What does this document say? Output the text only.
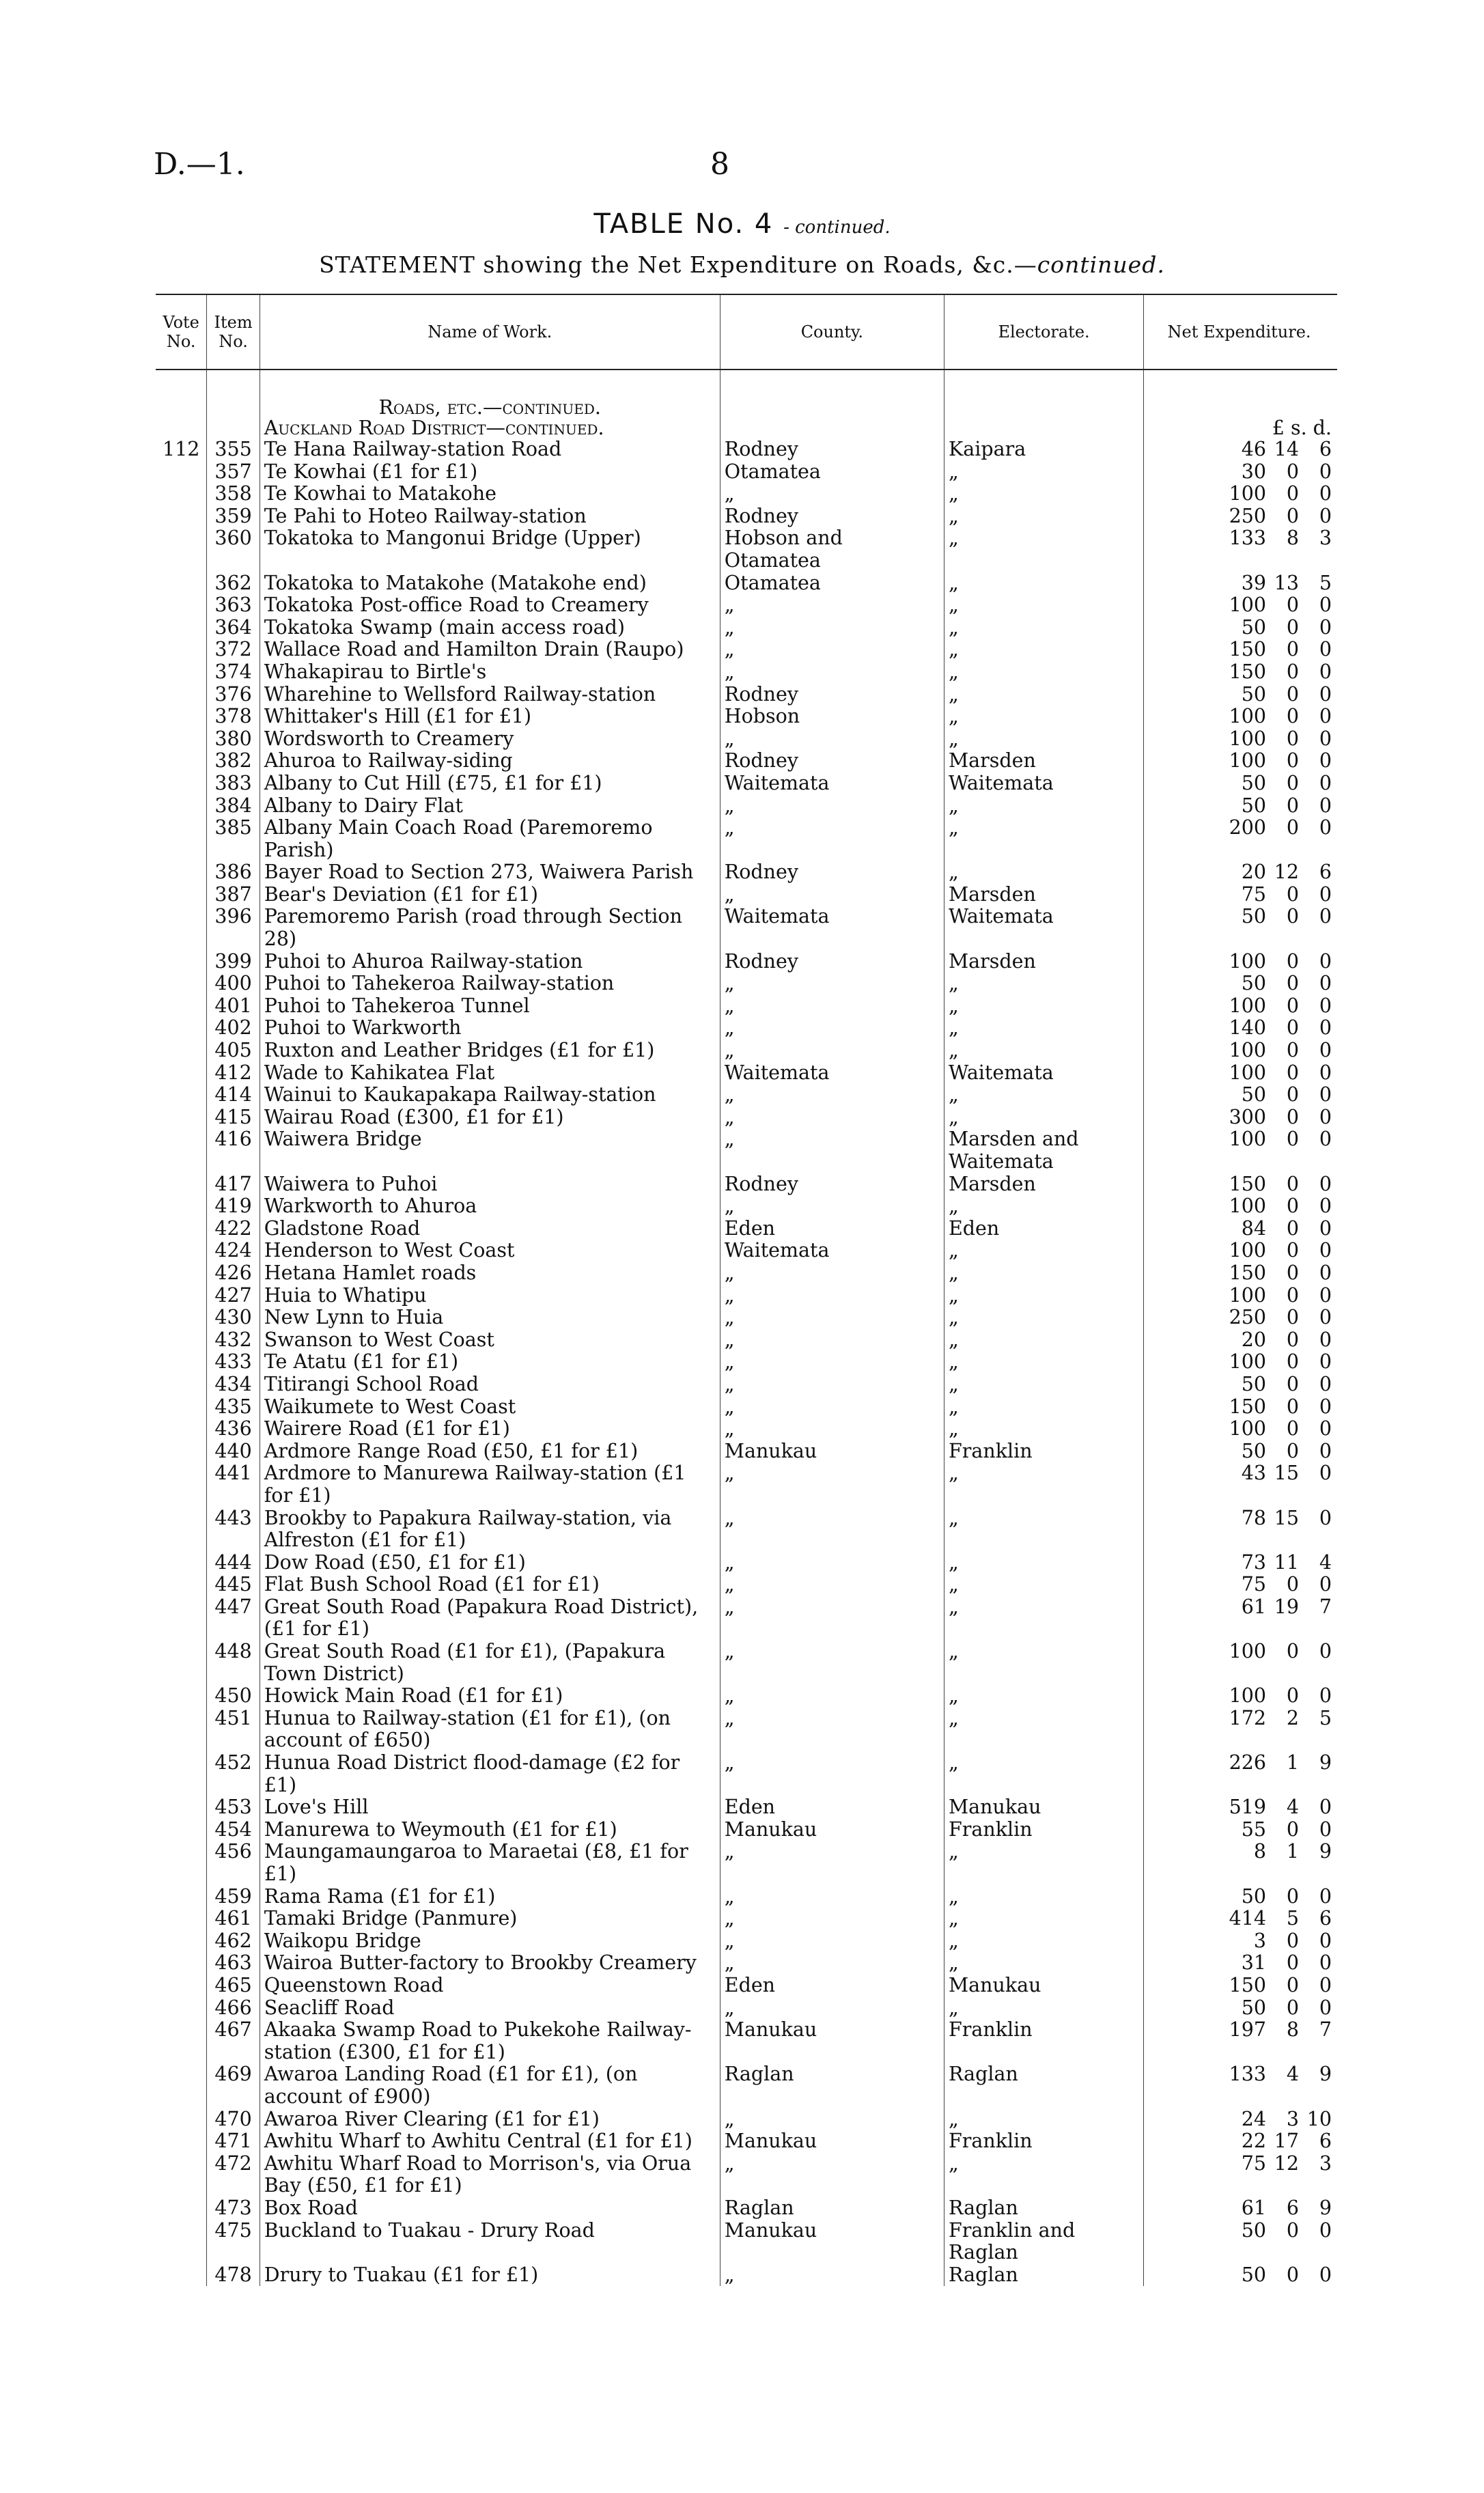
D.—1.	8
TABLE No. 4 - continued.
STATEMENT showing the Net Expenditure on Roads, &c.—continued.
Vote No.	Item No.	Name of Work.	County.	Electorate.	Net Expenditure.

		Roads, etc.—continued.
Auckland Road District—continued.			£ s. d.
112	355	Te Hana Railway-station Road	Rodney	Kaipara	46 14 6
	357	Te Kowhai (£1 for £1)	Otamatea	„	30 0 0
	358	Te Kowhai to Matakohe	„	„	100 0 0
	359	Te Pahi to Hoteo Railway-station	Rodney	„	250 0 0
	360	Tokatoka to Mangonui Bridge (Upper)	Hobson and Otamatea	„	133 8 3
	362	Tokatoka to Matakohe (Matakohe end)	Otamatea	„	39 13 5
	363	Tokatoka Post-office Road to Creamery	„	„	100 0 0
	364	Tokatoka Swamp (main access road)	„	„	50 0 0
	372	Wallace Road and Hamilton Drain (Raupo)	„	„	150 0 0
	374	Whakapirau to Birtle's	„	„	150 0 0
	376	Wharehine to Wellsford Railway-station	Rodney	„	50 0 0
	378	Whittaker's Hill (£1 for £1)	Hobson	„	100 0 0
	380	Wordsworth to Creamery	„	„	100 0 0
	382	Ahuroa to Railway-siding	Rodney	Marsden	100 0 0
	383	Albany to Cut Hill (£75, £1 for £1)	Waitemata	Waitemata	50 0 0
	384	Albany to Dairy Flat	„	„	50 0 0
	385	Albany Main Coach Road (Paremoremo Parish)	„	„	200 0 0
	386	Bayer Road to Section 273, Waiwera Parish	Rodney	„	20 12 6
	387	Bear's Deviation (£1 for £1)	„	Marsden	75 0 0
	396	Paremoremo Parish (road through Section 28)	Waitemata	Waitemata	50 0 0
	399	Puhoi to Ahuroa Railway-station	Rodney	Marsden	100 0 0
	400	Puhoi to Tahekeroa Railway-station	„	„	50 0 0
	401	Puhoi to Tahekeroa Tunnel	„	„	100 0 0
	402	Puhoi to Warkworth	„	„	140 0 0
	405	Ruxton and Leather Bridges (£1 for £1)	„	„	100 0 0
	412	Wade to Kahikatea Flat	Waitemata	Waitemata	100 0 0
	414	Wainui to Kaukapakapa Railway-station	„	„	50 0 0
	415	Wairau Road (£300, £1 for £1)	„	„	300 0 0
	416	Waiwera Bridge	„	Marsden and Waitemata	100 0 0
	417	Waiwera to Puhoi	Rodney	Marsden	150 0 0
	419	Warkworth to Ahuroa	„	„	100 0 0
	422	Gladstone Road	Eden	Eden	84 0 0
	424	Henderson to West Coast	Waitemata	„	100 0 0
	426	Hetana Hamlet roads	„	„	150 0 0
	427	Huia to Whatipu	„	„	100 0 0
	430	New Lynn to Huia	„	„	250 0 0
	432	Swanson to West Coast	„	„	20 0 0
	433	Te Atatu (£1 for £1)	„	„	100 0 0
	434	Titirangi School Road	„	„	50 0 0
	435	Waikumete to West Coast	„	„	150 0 0
	436	Wairere Road (£1 for £1)	„	„	100 0 0
	440	Ardmore Range Road (£50, £1 for £1)	Manukau	Franklin	50 0 0
	441	Ardmore to Manurewa Railway-station (£1 for £1)	„	„	43 15 0
	443	Brookby to Papakura Railway-station, via Alfreston (£1 for £1)	„	„	78 15 0
	444	Dow Road (£50, £1 for £1)	„	„	73 11 4
	445	Flat Bush School Road (£1 for £1)	„	„	75 0 0
	447	Great South Road (Papakura Road District), (£1 for £1)	„	„	61 19 7
	448	Great South Road (£1 for £1), (Papakura Town District)	„	„	100 0 0
	450	Howick Main Road (£1 for £1)	„	„	100 0 0
	451	Hunua to Railway-station (£1 for £1), (on account of £650)	„	„	172 2 5
	452	Hunua Road District flood-damage (£2 for £1)	„	„	226 1 9
	453	Love's Hill	Eden	Manukau	519 4 0
	454	Manurewa to Weymouth (£1 for £1)	Manukau	Franklin	55 0 0
	456	Maungamaungaroa to Maraetai (£8, £1 for £1)	„	„	8 1 9
	459	Rama Rama (£1 for £1)	„	„	50 0 0
	461	Tamaki Bridge (Panmure)	„	„	414 5 6
	462	Waikopu Bridge	„	„	3 0 0
	463	Wairoa Butter-factory to Brookby Creamery	„	„	31 0 0
	465	Queenstown Road	Eden	Manukau	150 0 0
	466	Seacliff Road	„	„	50 0 0
	467	Akaaka Swamp Road to Pukekohe Railway-station (£300, £1 for £1)	Manukau	Franklin	197 8 7
	469	Awaroa Landing Road (£1 for £1), (on account of £900)	Raglan	Raglan	133 4 9
	470	Awaroa River Clearing (£1 for £1)	„	„	24 3 10
	471	Awhitu Wharf to Awhitu Central (£1 for £1)	Manukau	Franklin	22 17 6
	472	Awhitu Wharf Road to Morrison's, via Orua Bay (£50, £1 for £1)	„	„	75 12 3
	473	Box Road	Raglan	Raglan	61 6 9
	475	Buckland to Tuakau - Drury Road	Manukau	Franklin and Raglan	50 0 0
	478	Drury to Tuakau (£1 for £1)	„	Raglan	50 0 0
